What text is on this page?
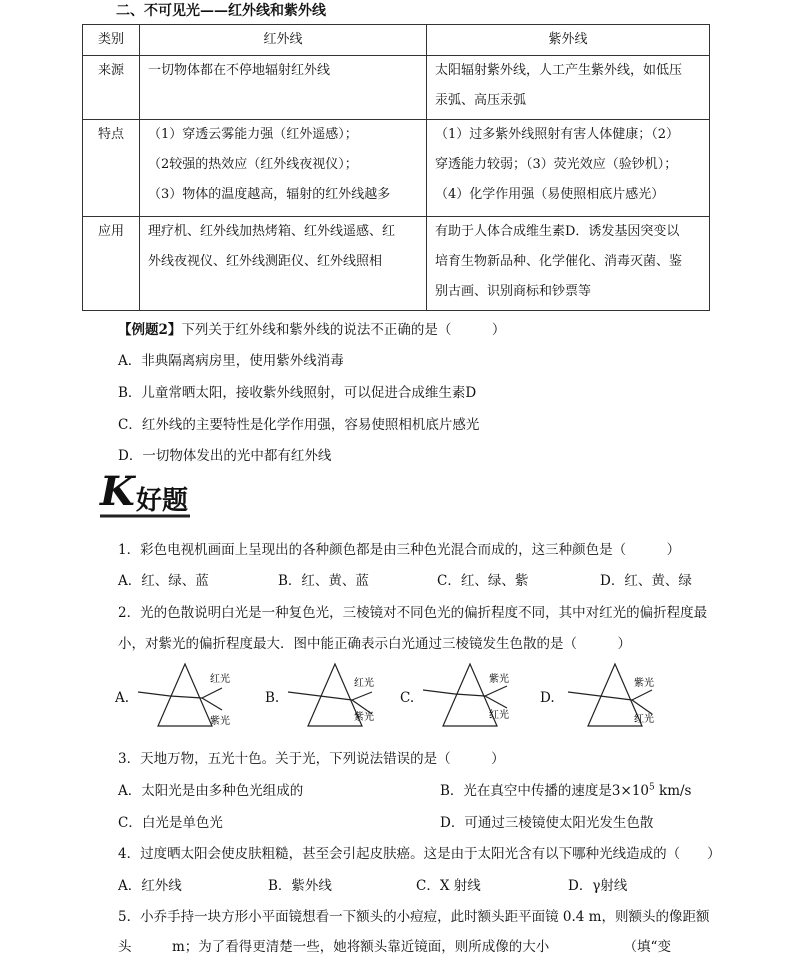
二、不可见光——红外线和紫外线
类别	红外线	紫外线
来源	一切物体都在不停地辐射红外线	太阳辐射紫外线，人工产生紫外线，如低压
汞弧、高压汞弧

特点	（1）穿透云雾能力强（红外遥感）；
（2较强的热效应（红外线夜视仪）；
（3）物体的温度越高，辐射的红外线越多	（1）过多紫外线照射有害人体健康；（2）
穿透能力较弱；（3）荧光效应（验钞机）；
（4）化学作用强（易使照相底片感光）

应用	理疗机、红外线加热烤箱、红外线遥感、红
外线夜视仪、红外线测距仪、红外线照相	有助于人体合成维生素D．诱发基因突变以
培育生物新品种、化学催化、消毒灭菌、鉴
别古画、识别商标和钞票等
【例题2】下列关于红外线和紫外线的说法不正确的是（　　　）
A．非典隔离病房里，使用紫外线消毒
B．儿童常晒太阳，接收紫外线照射，可以促进合成维生素D
C．红外线的主要特性是化学作用强，容易使照相机底片感光
D．一切物体发出的光中都有红外线
K 好题
1．彩色电视机画面上呈现出的各种颜色都是由三种色光混合而成的，这三种颜色是（　　　）
A．红、绿、蓝	B．红、黄、蓝	C．红、绿、紫	D．红、黄、绿
2．光的色散说明白光是一种复色光，三棱镜对不同色光的偏折程度不同，其中对红光的偏折程度最
小，对紫光的偏折程度最大．图中能正确表示白光通过三棱镜发生色散的是（　　　）
A.
红光
紫光
B.
红光
紫光
C.
紫光
红光
D.
紫光
红光
3．天地万物，五光十色。关于光，下列说法错误的是（　　　）
A．太阳光是由多种色光组成的	B．光在真空中传播的速度是$3\times 10^5$ km/s
C．白光是单色光	D．可通过三棱镜使太阳光发生色散
4．过度晒太阳会使皮肤粗糙，甚至会引起皮肤癌。这是由于太阳光含有以下哪种光线造成的（　　）
A．红外线	B．紫外线	C．X 射线	D．γ射线
5．小乔手持一块方形小平面镜想看一下额头的小痘痘，此时额头距平面镜 0.4 m，则额头的像距额
头　　　m；为了看得更清楚一些，她将额头靠近镜面，则所成像的大小　　　　　　（填“变
